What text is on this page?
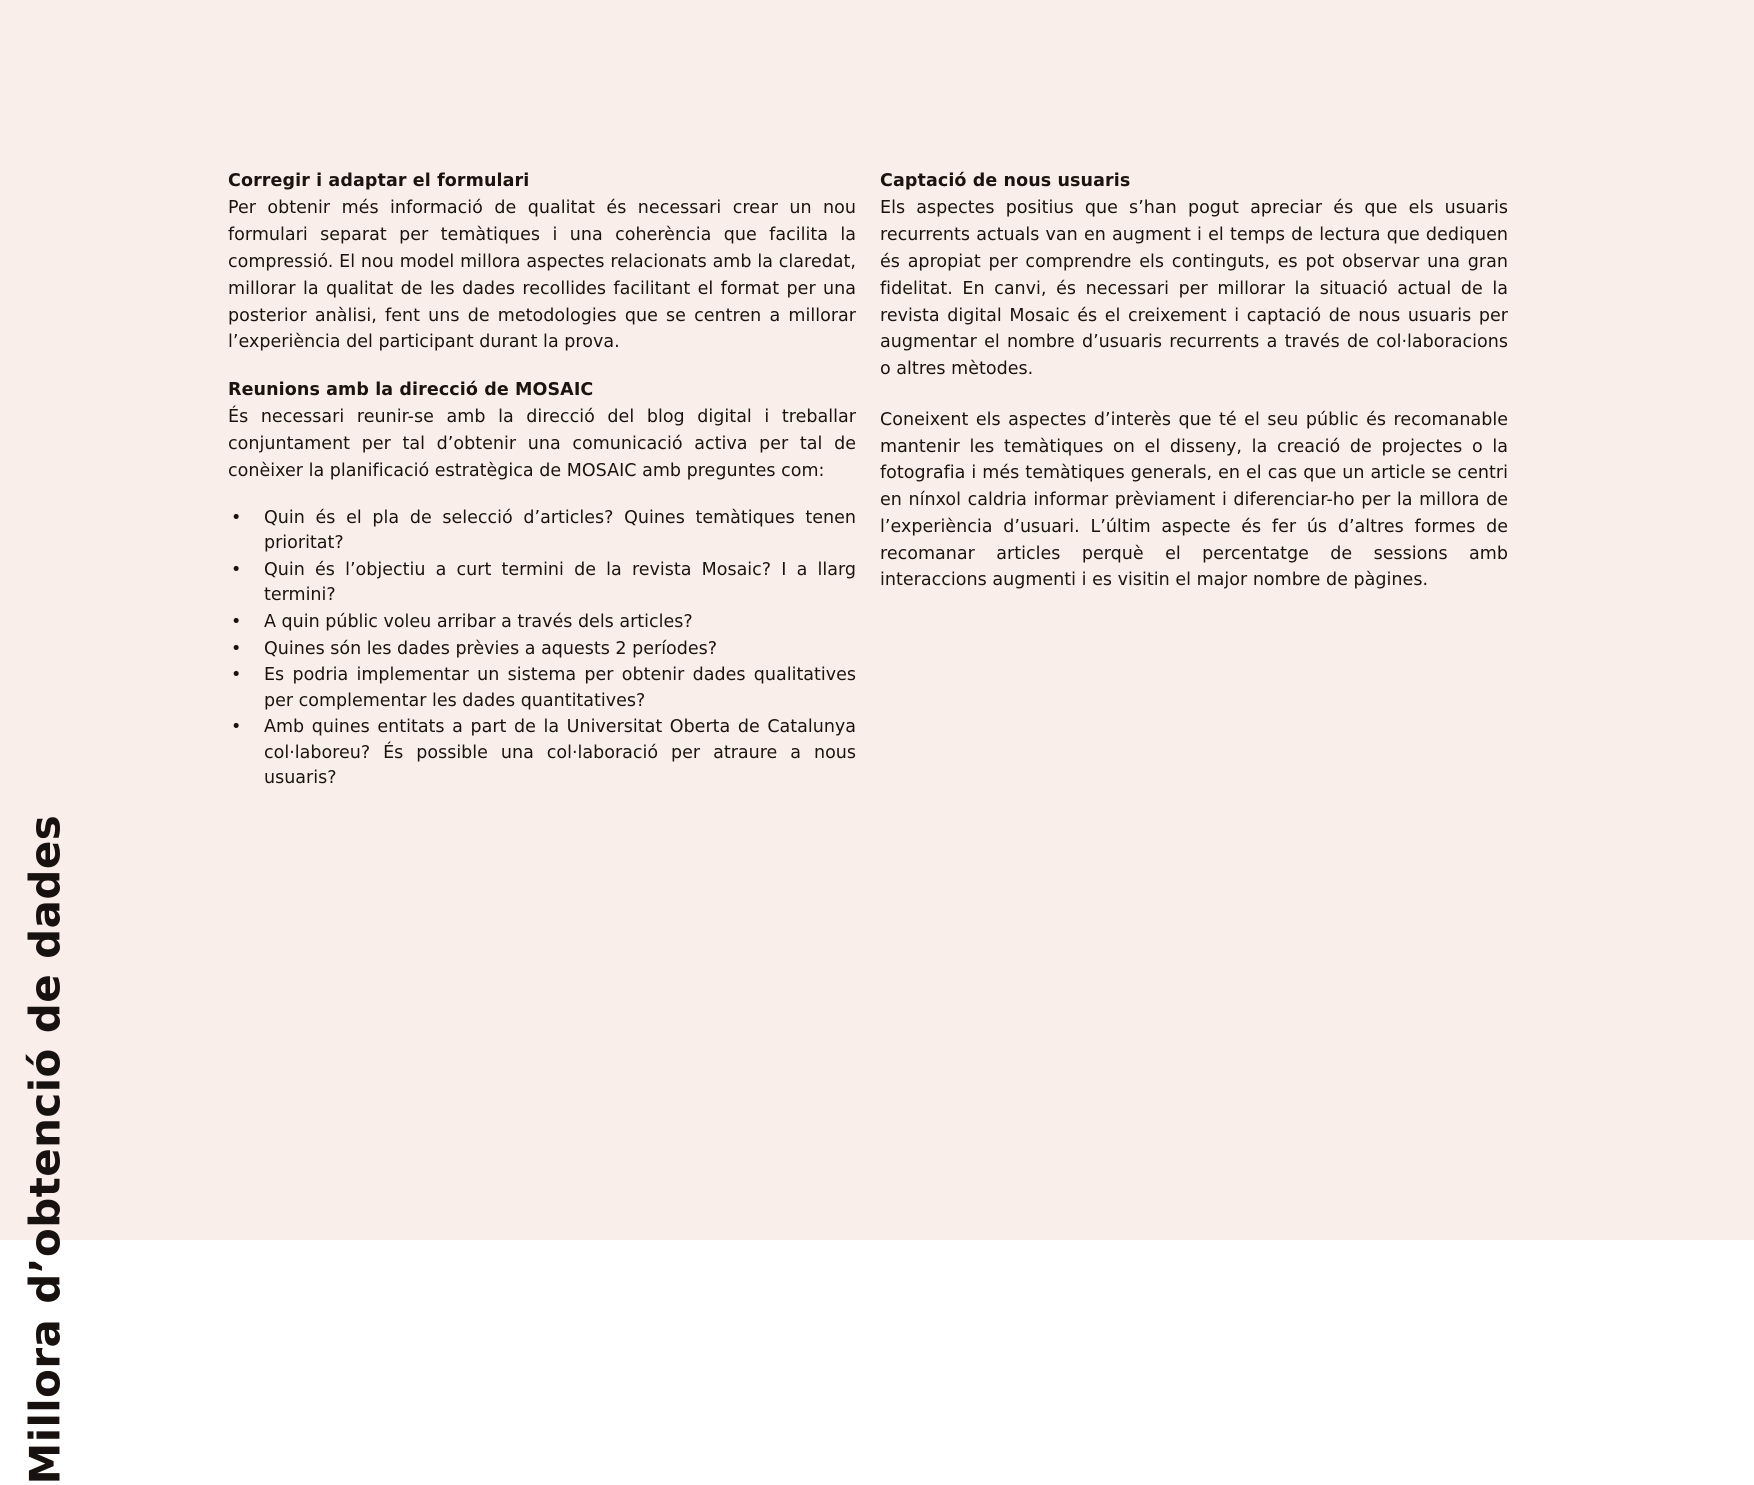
Millora d’obtenció de dades
Corregir i adaptar el formulari

Per obtenir més informació de qualitat és necessari crear un nou formulari separat per temàtiques i una coherència que facilita la compressió. El nou model millora aspectes relacionats amb la claredat, millorar la qualitat de les dades recollides facilitant el format per una posterior anàlisi, fent uns de metodologies que se centren a millorar l’experiència del participant durant la prova.

Reunions amb la direcció de MOSAIC

És necessari reunir-se amb la direcció del blog digital i treballar conjuntament per tal d’obtenir una comunicació activa per tal de conèixer la planificació estratègica de MOSAIC amb preguntes com:

• Quin és el pla de selecció d’articles? Quines temàtiques tenen prioritat?
• Quin és l’objectiu a curt termini de la revista Mosaic? I a llarg termini?
• A quin públic voleu arribar a través dels articles?
• Quines són les dades prèvies a aquests 2 períodes?
• Es podria implementar un sistema per obtenir dades qualitatives per complementar les dades quantitatives?
• Amb quines entitats a part de la Universitat Oberta de Catalunya col·laboreu? És possible una col·laboració per atraure a nous usuaris?
Captació de nous usuaris

Els aspectes positius que s’han pogut apreciar és que els usuaris recurrents actuals van en augment i el temps de lectura que dediquen és apropiat per comprendre els continguts, es pot observar una gran fidelitat. En canvi, és necessari per millorar la situació actual de la revista digital Mosaic és el creixement i captació de nous usuaris per augmentar el nombre d’usuaris recurrents a través de col·laboracions o altres mètodes.

Coneixent els aspectes d’interès que té el seu públic és recomanable mantenir les temàtiques on el disseny, la creació de projectes o la fotografia i més temàtiques generals, en el cas que un article se centri en nínxol caldria informar prèviament i diferenciar-ho per la millora de l’experiència d’usuari. L’últim aspecte és fer ús d’altres formes de recomanar articles perquè el percentatge de sessions amb interaccions augmenti i es visitin el major nombre de pàgines.
